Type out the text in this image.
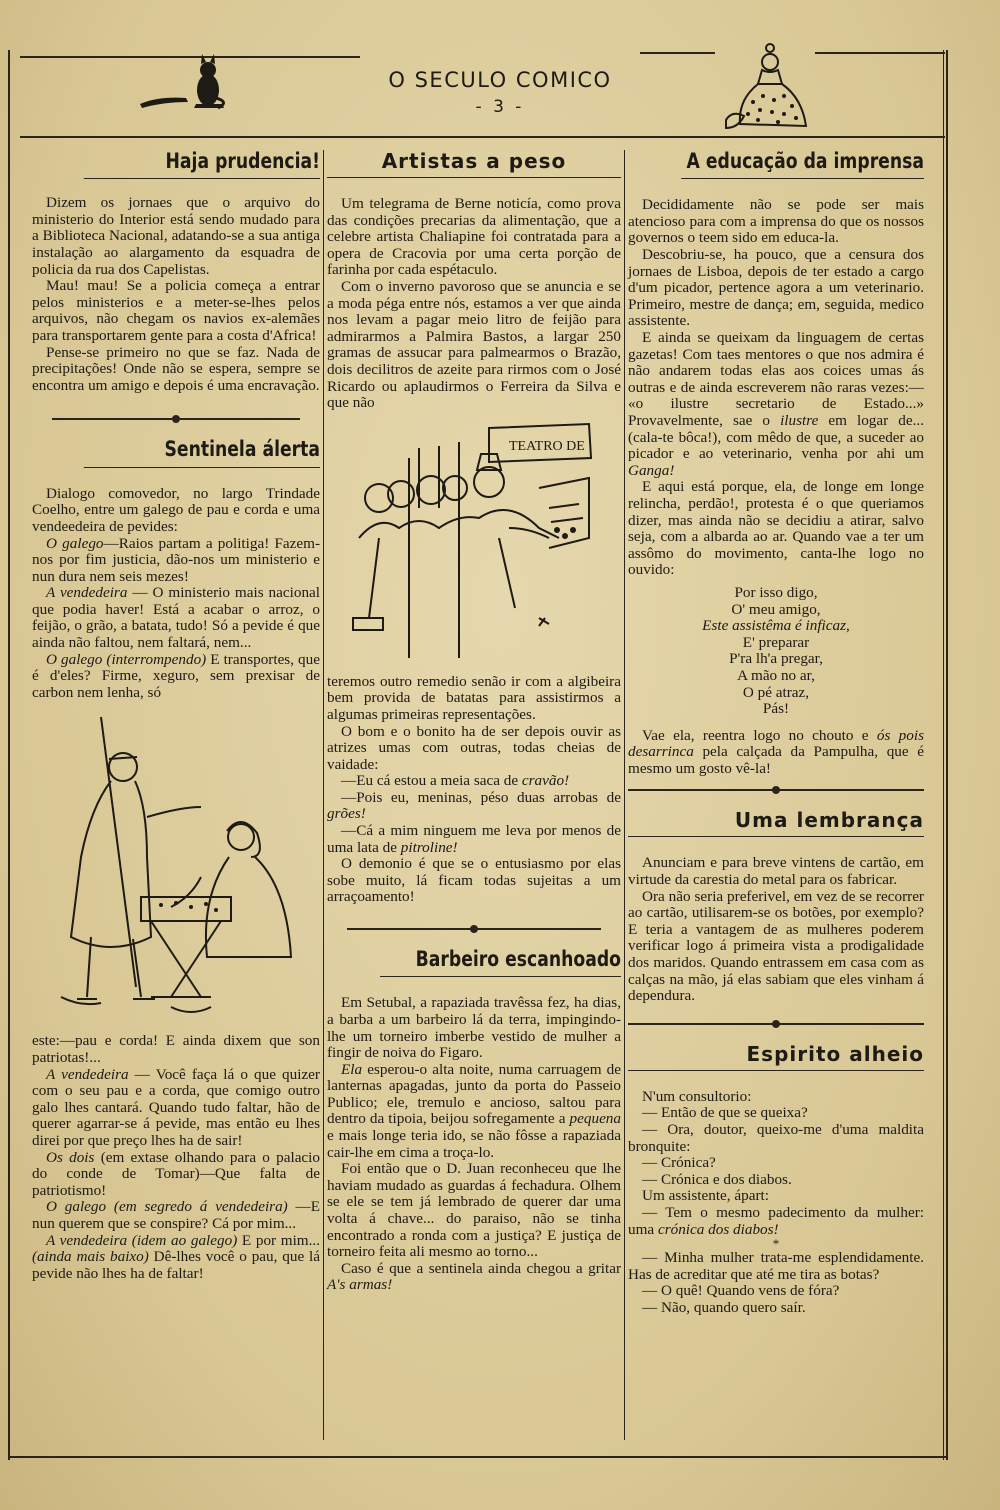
O SECULO COMICO
- 3 -
Haja prudencia!

Dizem os jornaes que o arquivo do ministerio do Interior está sendo mudado para a Biblioteca Nacional, adatando-se a sua antiga instalação ao alargamento da esquadra de policia da rua dos Capelistas.

Mau! mau! Se a policia começa a entrar pelos ministerios e a meter-se-lhes pelos arquivos, não chegam os navios ex-alemães para transportarem gente para a costa d'Africa!

Pense-se primeiro no que se faz. Nada de precipitações! Onde não se espera, sempre se encontra um amigo e depois é uma encravação.

Sentinela álerta

Dialogo comovedor, no largo Trindade Coelho, entre um galego de pau e corda e uma vendeedeira de pevides:

O galego—Raios partam a politiga! Fazem-nos por fim justicia, dão-nos um ministerio e nun dura nem seis mezes!

A vendedeira — O ministerio mais nacional que podia haver! Está a acabar o arroz, o feijão, o grão, a batata, tudo! Só a pevide é que ainda não faltou, nem faltará, nem...

O galego (interrompendo) E transportes, que é d'eles? Firme, xeguro, sem prexisar de carbon nem lenha, só

este:—pau e corda! E ainda dixem que son patriotas!...

A vendedeira — Você faça lá o que quizer com o seu pau e a corda, que comigo outro galo lhes cantará. Quando tudo faltar, hão de querer agarrar-se á pevide, mas então eu lhes direi por que preço lhes ha de sair!

Os dois (em extase olhando para o palacio do conde de Tomar)—Que falta de patriotismo!

O galego (em segredo á vendedeira) —E nun querem que se conspire? Cá por mim...

A vendedeira (idem ao galego) E por mim... (ainda mais baixo) Dê-lhes você o pau, que lá pevide não lhes ha de faltar!

Artistas a peso

Um telegrama de Berne noticía, como prova das condições precarias da alimentação, que a celebre artista Chaliapine foi contratada para a opera de Cracovia por uma certa porção de farinha por cada espétaculo.

Com o inverno pavoroso que se anuncia e se a moda péga entre nós, estamos a ver que ainda nos levam a pagar meio litro de feijão para admirarmos a Palmira Bastos, a largar 250 gramas de assucar para palmearmos o Brazão, dois decilitros de azeite para rirmos com o José Ricardo ou aplaudirmos o Ferreira da Silva e que não

TEATRO DE

teremos outro remedio senão ir com a algibeira bem provida de batatas para assistirmos a algumas primeiras representações.

O bom e o bonito ha de ser depois ouvir as atrizes umas com outras, todas cheias de vaidade:

—Eu cá estou a meia saca de cravão!

—Pois eu, meninas, péso duas arrobas de grões!

—Cá a mim ninguem me leva por menos de uma lata de pitroline!

O demonio é que se o entusiasmo por elas sobe muito, lá ficam todas sujeitas a um arraçoamento!

Barbeiro escanhoado

Em Setubal, a rapaziada travêssa fez, ha dias, a barba a um barbeiro lá da terra, impingindo-lhe um torneiro imberbe vestido de mulher a fingir de noiva do Figaro.

Ela esperou-o alta noite, numa carruagem de lanternas apagadas, junto da porta do Passeio Publico; ele, tremulo e ancioso, saltou para dentro da tipoia, beijou sofregamente a pequena e mais longe teria ido, se não fôsse a rapaziada cair-lhe em cima a troça-lo.

Foi então que o D. Juan reconheceu que lhe haviam mudado as guardas á fechadura. Olhem se ele se tem já lembrado de querer dar uma volta á chave... do paraiso, não se tinha encontrado a ronda com a justiça? E justiça de torneiro feita ali mesmo ao torno...

Caso é que a sentinela ainda chegou a gritar A's armas!

A educação da imprensa

Decididamente não se pode ser mais atencioso para com a imprensa do que os nossos governos o teem sido em educa-la.

Descobriu-se, ha pouco, que a censura dos jornaes de Lisboa, depois de ter estado a cargo d'um picador, pertence agora a um veterinario. Primeiro, mestre de dança; em, seguida, medico assistente.

E ainda se queixam da linguagem de certas gazetas! Com taes mentores o que nos admira é não andarem todas elas aos coices umas ás outras e de ainda escreverem não raras vezes:— «o ilustre secretario de Estado...» Provavelmente, sae o ilustre em logar de... (cala-te bôca!), com mêdo de que, a suceder ao picador e ao veterinario, venha por ahi um Ganga!

E aqui está porque, ela, de longe em longe relincha, perdão!, protesta é o que queriamos dizer, mas ainda não se decidiu a atirar, salvo seja, com a albarda ao ar. Quando vae a ter um assômo do movimento, canta-lhe logo no ouvido:

Por isso digo,
O' meu amigo,
Este assistêma é inficaz,
E' preparar
P'ra lh'a pregar,
A mão no ar,
O pé atraz,
Pás!

Vae ela, reentra logo no chouto e ós pois desarrinca pela calçada da Pampulha, que é mesmo um gosto vê-la!

Uma lembrança

Anunciam e para breve vintens de cartão, em virtude da carestia do metal para os fabricar.

Ora não seria preferivel, em vez de se recorrer ao cartão, utilisarem-se os botões, por exemplo? E teria a vantagem de as mulheres poderem verificar logo á primeira vista a prodigalidade dos maridos. Quando entrassem em casa com as calças na mão, já elas sabiam que eles vinham á dependura.

Espirito alheio

N'um consultorio:

— Então de que se queixa?

— Ora, doutor, queixo-me d'uma maldita bronquite:

— Crónica?

— Crónica e dos diabos.

Um assistente, ápart:

— Tem o mesmo padecimento da mulher: uma crónica dos diabos!

*

— Minha mulher trata-me esplendidamente. Has de acreditar que até me tira as botas?

— O quê! Quando vens de fóra?

— Não, quando quero saír.
